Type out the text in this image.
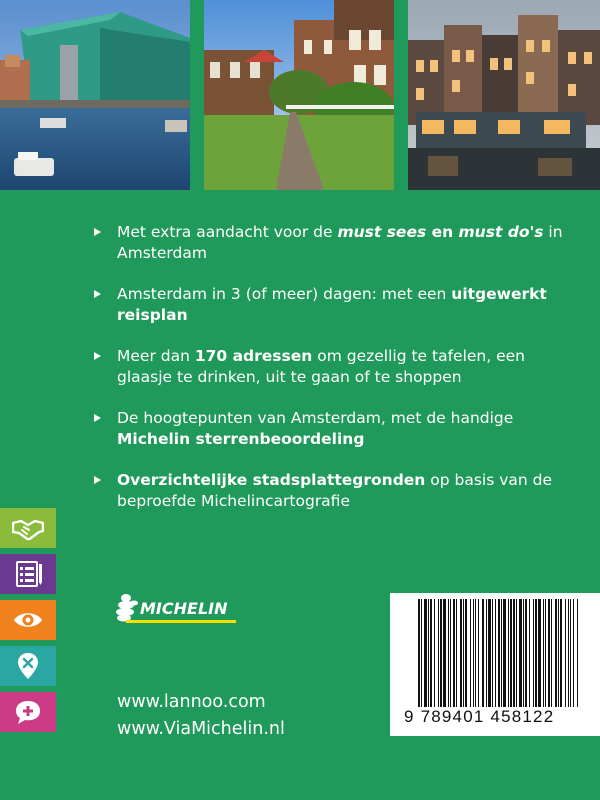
Met extra aandacht voor de must sees en must do's in Amsterdam
Amsterdam in 3 (of meer) dagen: met een uitgewerkt reisplan
Meer dan 170 adressen om gezellig te tafelen, een glaasje te drinken, uit te gaan of te shoppen
De hoogtepunten van Amsterdam, met de handige Michelin sterrenbeoordeling
Overzichtelijke stadsplattegronden op basis van de beproefde Michelincartografie
MICHELIN
www.lannoo.com
www.ViaMichelin.nl
9 789401 458122
